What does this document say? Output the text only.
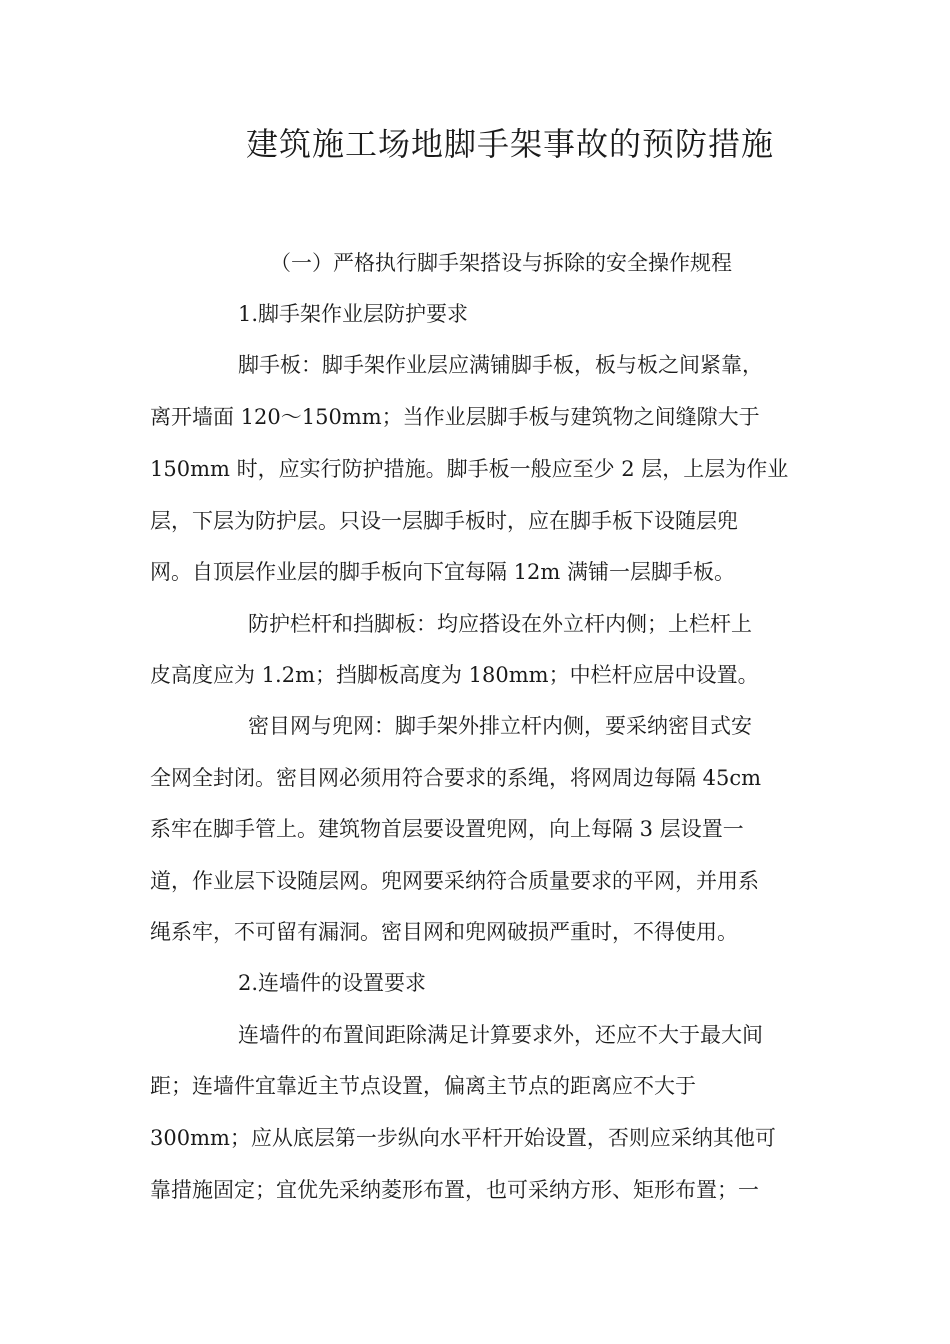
建筑施工场地脚手架事故的预防措施
（一）严格执行脚手架搭设与拆除的安全操作规程
1.脚手架作业层防护要求
脚手板：脚手架作业层应满铺脚手板，板与板之间紧靠，
离开墙面 120～150mm；当作业层脚手板与建筑物之间缝隙大于
150mm 时，应实行防护措施。脚手板一般应至少 2 层，上层为作业
层，下层为防护层。只设一层脚手板时，应在脚手板下设随层兜
网。自顶层作业层的脚手板向下宜每隔 12m 满铺一层脚手板。
防护栏杆和挡脚板：均应搭设在外立杆内侧；上栏杆上
皮高度应为 1.2m；挡脚板高度为 180mm；中栏杆应居中设置。
密目网与兜网：脚手架外排立杆内侧，要采纳密目式安
全网全封闭。密目网必须用符合要求的系绳，将网周边每隔 45cm
系牢在脚手管上。建筑物首层要设置兜网，向上每隔 3 层设置一
道，作业层下设随层网。兜网要采纳符合质量要求的平网，并用系
绳系牢，不可留有漏洞。密目网和兜网破损严重时，不得使用。
2.连墙件的设置要求
连墙件的布置间距除满足计算要求外，还应不大于最大间
距；连墙件宜靠近主节点设置，偏离主节点的距离应不大于
300mm；应从底层第一步纵向水平杆开始设置，否则应采纳其他可
靠措施固定；宜优先采纳菱形布置，也可采纳方形、矩形布置；一
